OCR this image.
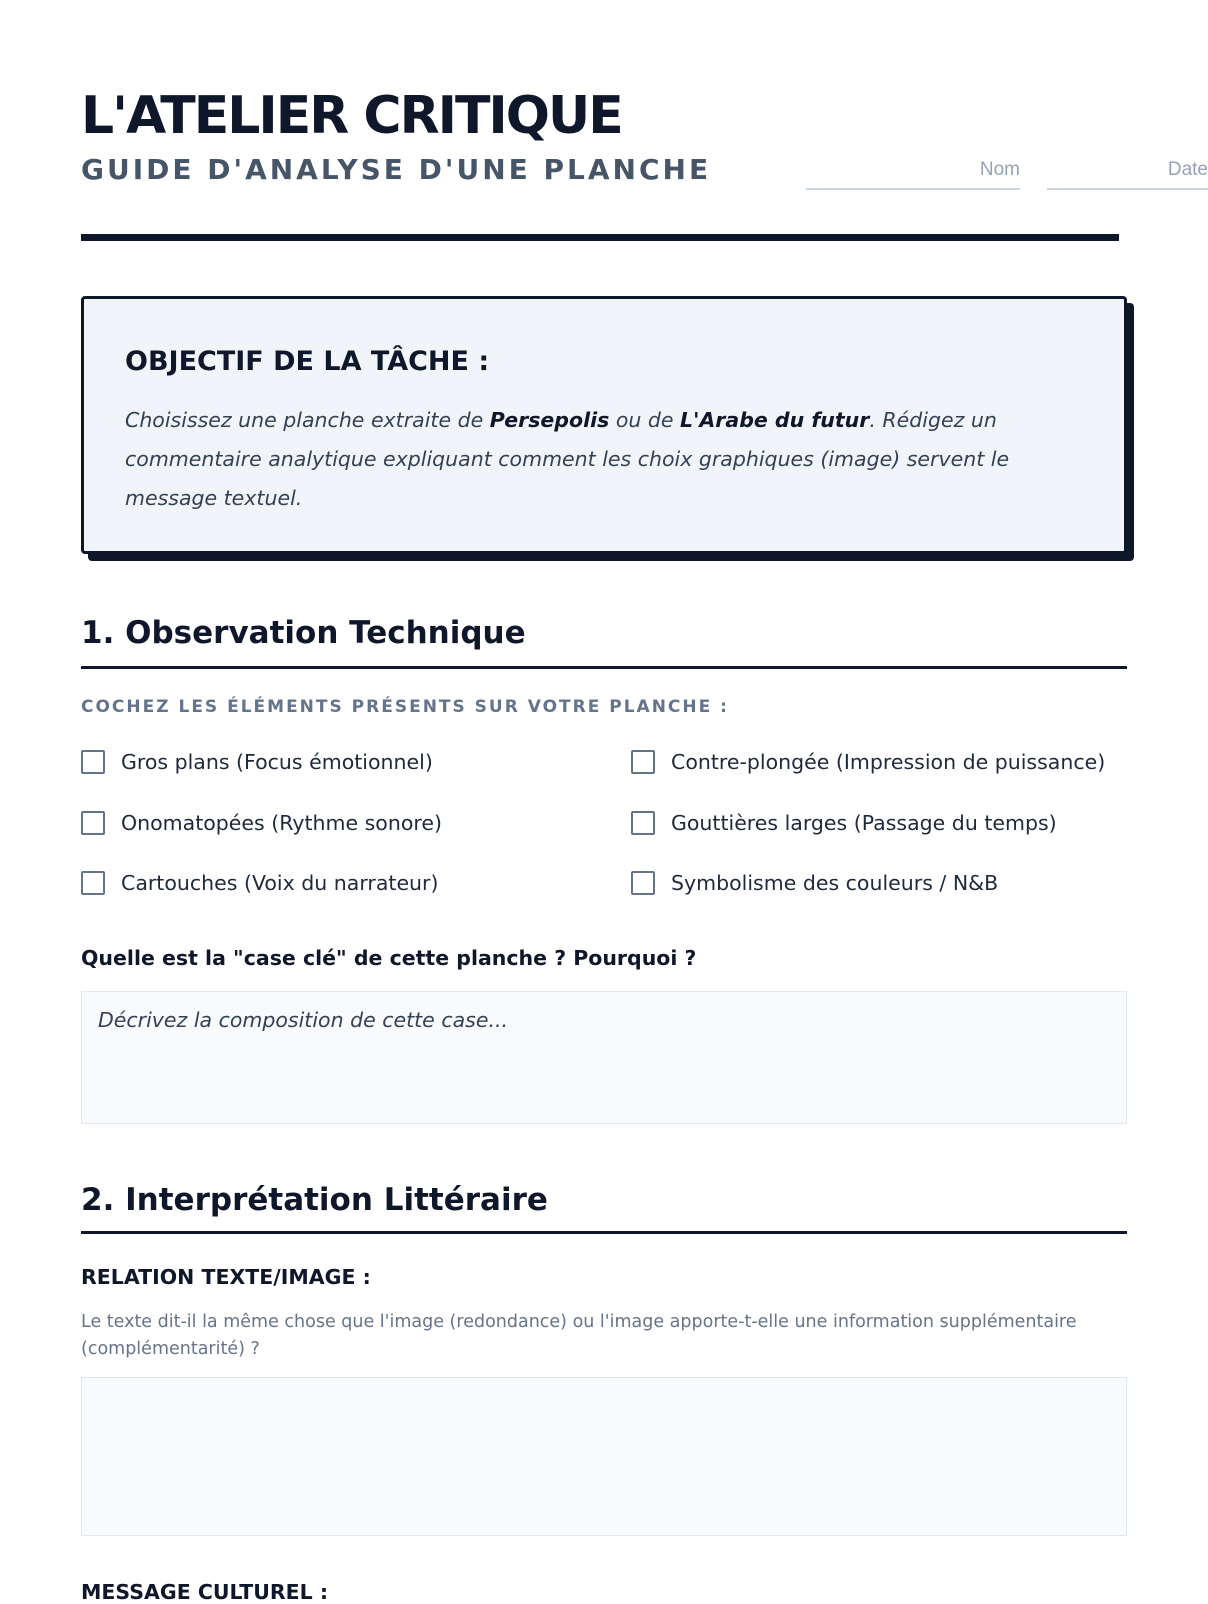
L'ATELIER CRITIQUE
GUIDE D'ANALYSE D'UNE PLANCHE	Nom	Date
OBJECTIF DE LA TÂCHE :

Choisissez une planche extraite de Persepolis ou de L'Arabe du futur. Rédigez un commentaire analytique expliquant comment les choix graphiques (image) servent le message textuel.

1. Observation Technique
COCHEZ LES ÉLÉMENTS PRÉSENTS SUR VOTRE PLANCHE :
Gros plans (Focus émotionnel)	Contre-plongée (Impression de puissance)
Onomatopées (Rythme sonore)	Gouttières larges (Passage du temps)
Cartouches (Voix du narrateur)	Symbolisme des couleurs / N&B
Quelle est la "case clé" de cette planche ? Pourquoi ?
Décrivez la composition de cette case...
2. Interprétation Littéraire
RELATION TEXTE/IMAGE :

Le texte dit-il la même chose que l'image (redondance) ou l'image apporte-t-elle une information supplémentaire (complémentarité) ?

MESSAGE CULTUREL :
